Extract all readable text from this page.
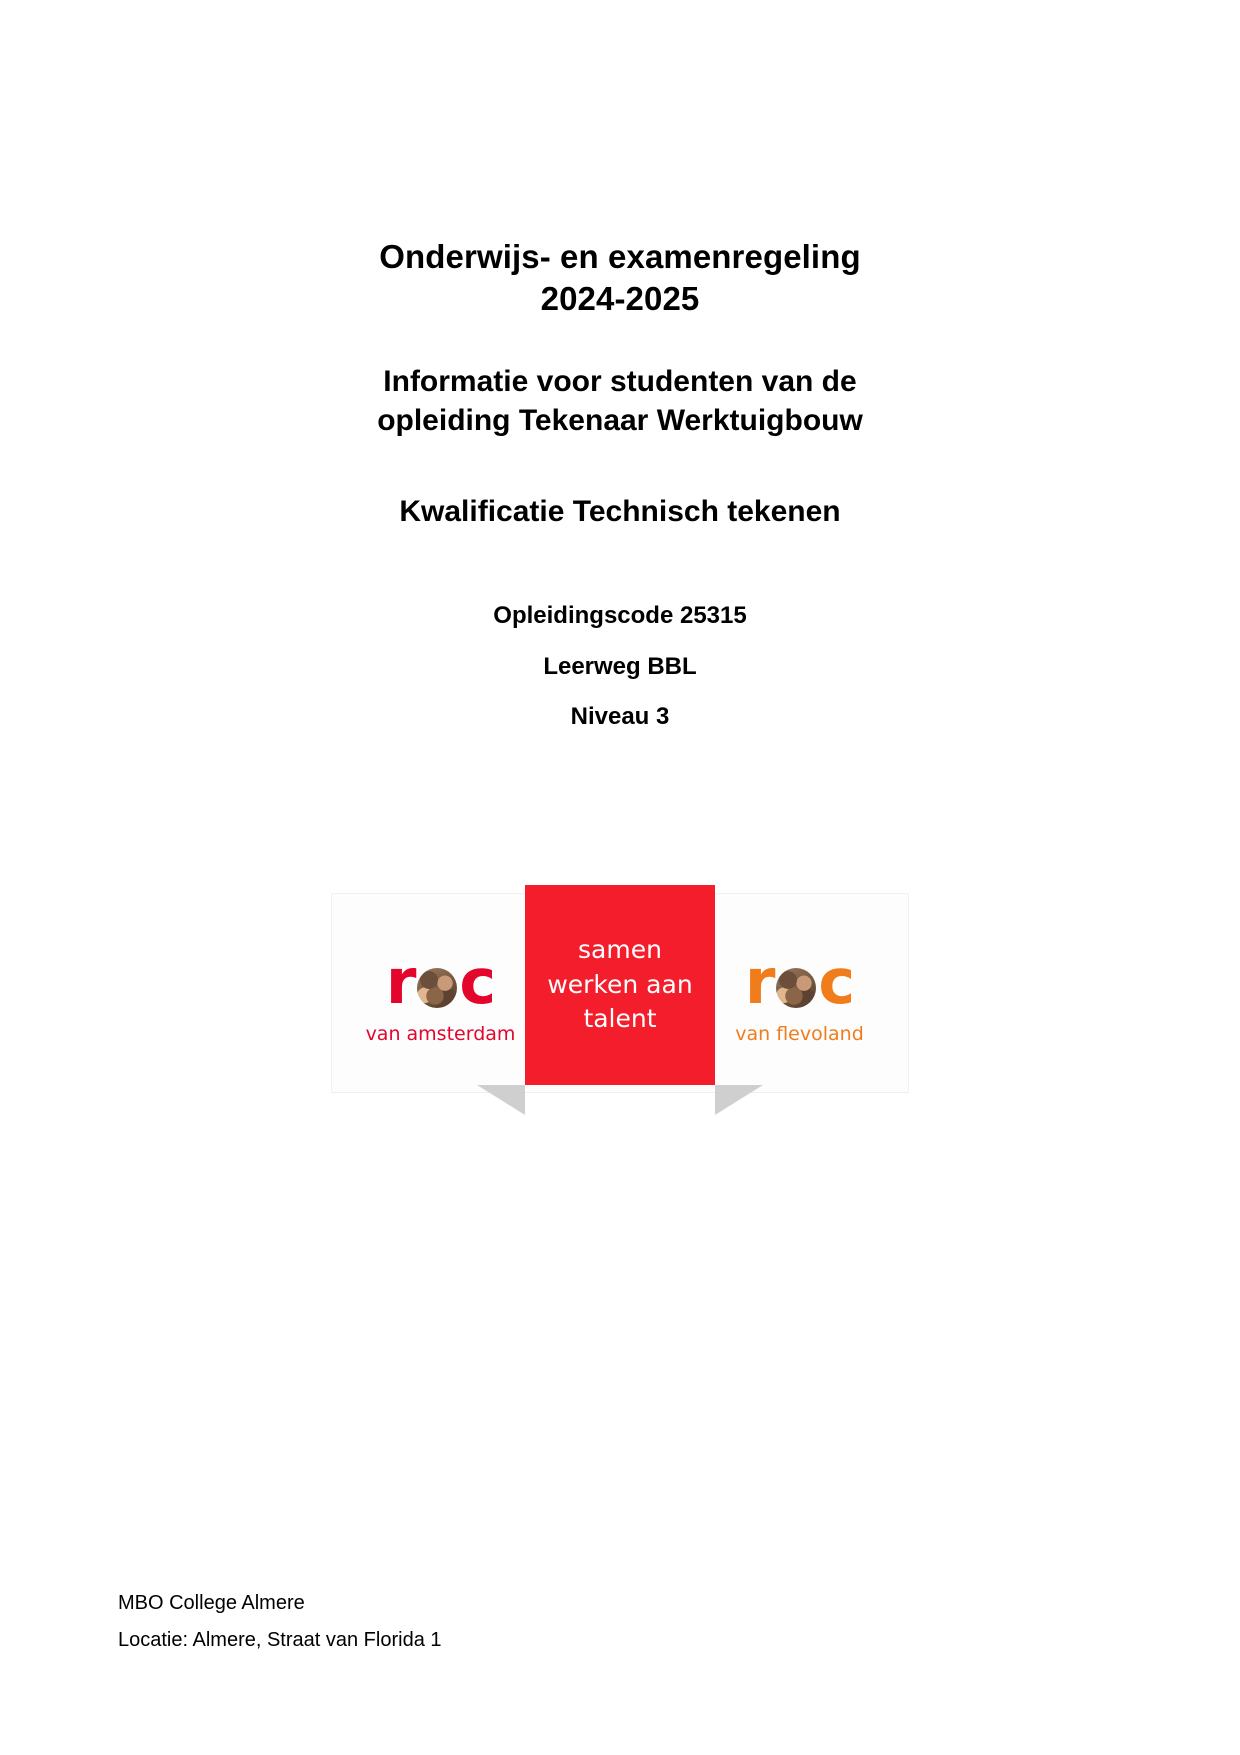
Onderwijs- en examenregeling
2024-2025
Informatie voor studenten van de
opleiding Tekenaar Werktuigbouw
Kwalificatie Technisch tekenen
Opleidingscode 25315
Leerweg BBL
Niveau 3
r c
van amsterdam
samen
werken aan
talent
r c
van flevoland
MBO College Almere
Locatie: Almere, Straat van Florida 1
